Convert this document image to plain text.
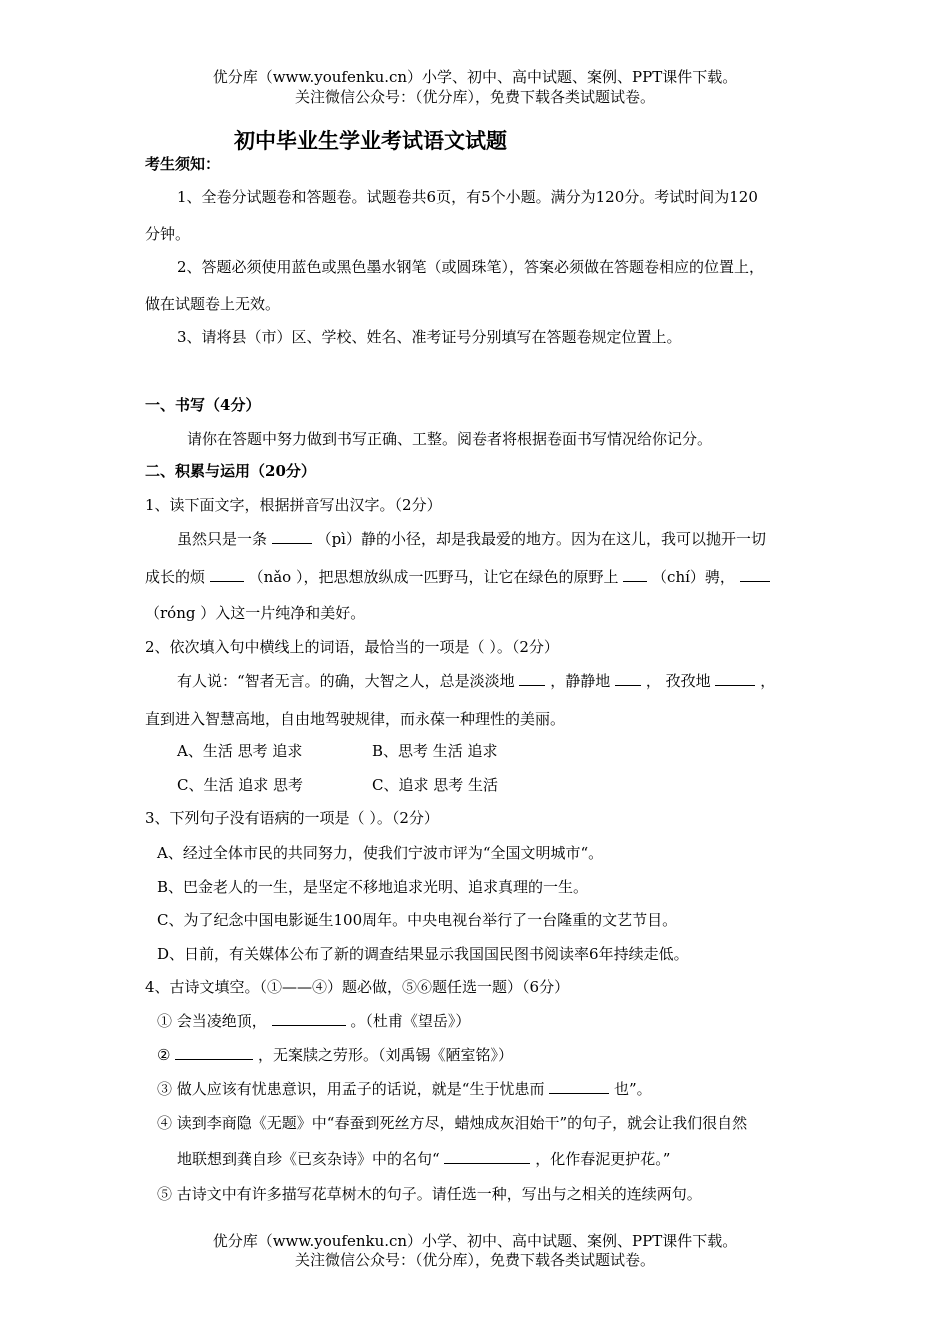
优分库（www.youfenku.cn）小学、初中、高中试题、案例、PPT课件下载。
关注微信公众号：（优分库），免费下载各类试题试卷。
初中毕业生学业考试语文试题
考生须知：
1、全卷分试题卷和答题卷。试题卷共6页，有5个小题。满分为120分。考试时间为120
分钟。
2、答题必须使用蓝色或黑色墨水钢笔（或圆珠笔），答案必须做在答题卷相应的位置上，
做在试题卷上无效。
3、请将县（市）区、学校、姓名、准考证号分别填写在答题卷规定位置上。
一、书写（4分）
请你在答题中努力做到书写正确、工整。阅卷者将根据卷面书写情况给你记分。
二、积累与运用（20分）
1、读下面文字，根据拼音写出汉字。（2分）
虽然只是一条	（pì）静的小径，却是我最爱的地方。因为在这儿，我可以抛开一切
成长的烦	（nǎo ），把思想放纵成一匹野马，让它在绿色的原野上 （chí）骋，
（róng ）入这一片纯净和美好。
2、依次填入句中横线上的词语，最恰当的一项是（ ）。（2分）
有人说：“智者无言。的确，大智之人，总是淡淡地 ，静静地 ， 孜孜地	，
直到进入智慧高地，自由地驾驶规律，而永葆一种理性的美丽。
A、生活 思考 追求	B、思考 生活 追求
C、生活 追求 思考	C、追求 思考 生活
3、下列句子没有语病的一项是（ ）。（2分）
A、经过全体市民的共同努力，使我们宁波市评为“全国文明城市“。
B、巴金老人的一生，是坚定不移地追求光明、追求真理的一生。
C、为了纪念中国电影诞生100周年。中央电视台举行了一台隆重的文艺节目。
D、日前，有关媒体公布了新的调查结果显示我国国民图书阅读率6年持续走低。
4、古诗文填空。（①——④）题必做，⑤⑥题任选一题）（6分）
① 会当凌绝顶，	。（杜甫《望岳》）
②	，无案牍之劳形。（刘禹锡《陋室铭》）
③ 做人应该有忧患意识，用孟子的话说，就是“生于忧患而	也”。
④ 读到李商隐《无题》中“春蚕到死丝方尽，蜡烛成灰泪始干”的句子，就会让我们很自然
地联想到龚自珍《已亥杂诗》中的名句“	，化作春泥更护花。”
⑤ 古诗文中有许多描写花草树木的句子。请任选一种，写出与之相关的连续两句。
优分库（www.youfenku.cn）小学、初中、高中试题、案例、PPT课件下载。
关注微信公众号：（优分库），免费下载各类试题试卷。
